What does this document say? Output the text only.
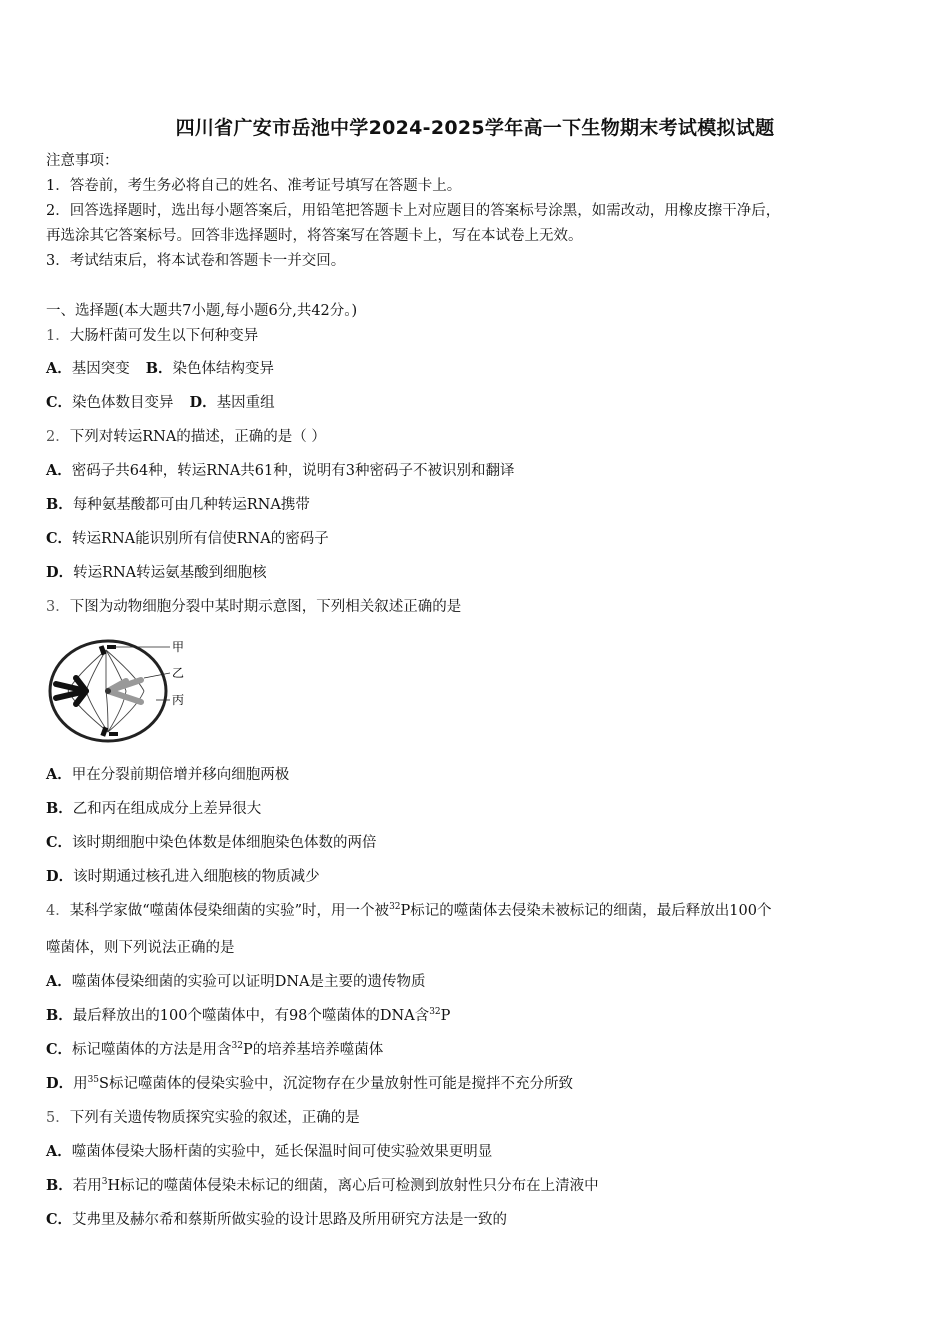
四川省广安市岳池中学2024-2025学年高一下生物期末考试模拟试题
注意事项：
1．答卷前，考生务必将自己的姓名、准考证号填写在答题卡上。
2．回答选择题时，选出每小题答案后，用铅笔把答题卡上对应题目的答案标号涂黑，如需改动，用橡皮擦干净后，
再选涂其它答案标号。回答非选择题时，将答案写在答题卡上，写在本试卷上无效。
3．考试结束后，将本试卷和答题卡一并交回。
一、选择题(本大题共7小题,每小题6分,共42分。)
1．大肠杆菌可发生以下何种变异
A．基因突变 B．染色体结构变异
C．染色体数目变异 D．基因重组
2．下列对转运RNA的描述，正确的是（ ）
A．密码子共64种，转运RNA共61种，说明有3种密码子不被识别和翻译
B．每种氨基酸都可由几种转运RNA携带
C．转运RNA能识别所有信使RNA的密码子
D．转运RNA转运氨基酸到细胞核
3．下图为动物细胞分裂中某时期示意图，下列相关叙述正确的是
甲
乙
丙
A．甲在分裂前期倍增并移向细胞两极
B．乙和丙在组成成分上差异很大
C．该时期细胞中染色体数是体细胞染色体数的两倍
D．该时期通过核孔进入细胞核的物质减少
4．某科学家做“噬菌体侵染细菌的实验”时，用一个被$^{32}$P标记的噬菌体去侵染未被标记的细菌，最后释放出100个
噬菌体，则下列说法正确的是
A．噬菌体侵染细菌的实验可以证明DNA是主要的遗传物质
B．最后释放出的100个噬菌体中，有98个噬菌体的DNA含$^{32}$P
C．标记噬菌体的方法是用含$^{32}$P的培养基培养噬菌体
D．用$^{35}$S标记噬菌体的侵染实验中，沉淀物存在少量放射性可能是搅拌不充分所致
5．下列有关遗传物质探究实验的叙述，正确的是
A．噬菌体侵染大肠杆菌的实验中，延长保温时间可使实验效果更明显
B．若用$^3$H标记的噬菌体侵染未标记的细菌，离心后可检测到放射性只分布在上清液中
C．艾弗里及赫尔希和蔡斯所做实验的设计思路及所用研究方法是一致的
